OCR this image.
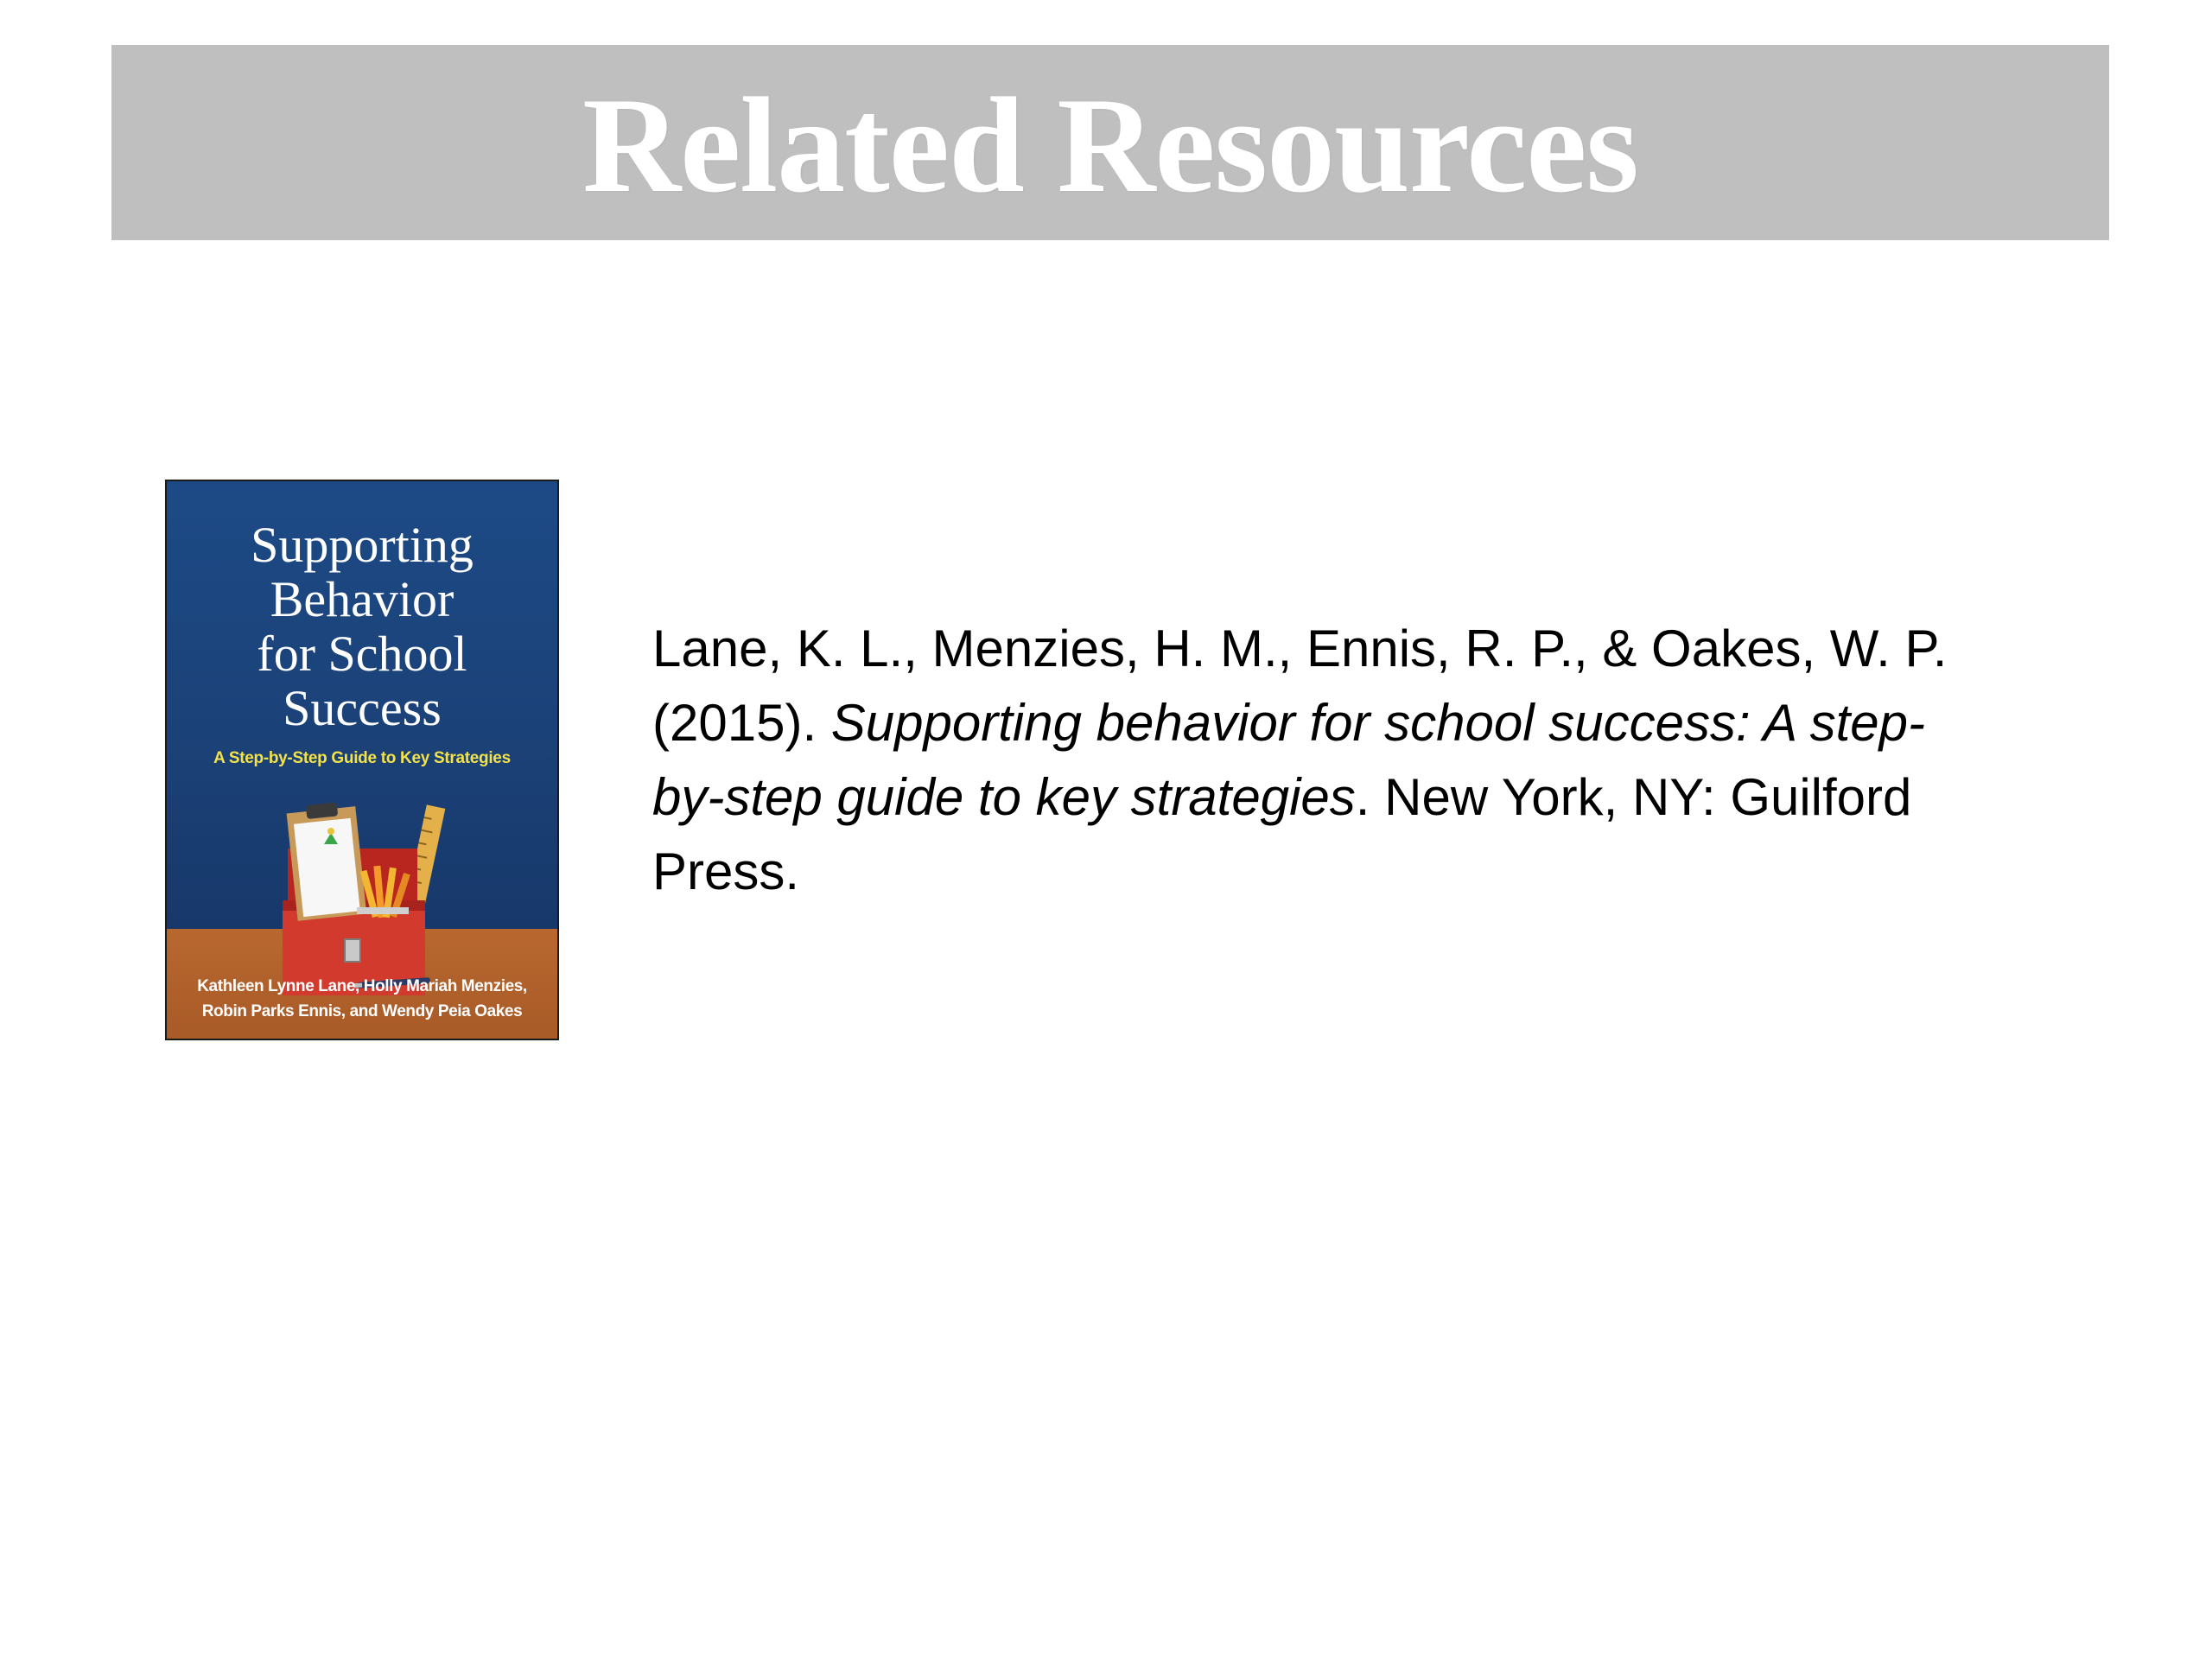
Related Resources
Supporting
Behavior
for School
Success
A Step-by-Step Guide to Key Strategies
Kathleen Lynne Lane, Holly Mariah Menzies,
Robin Parks Ennis, and Wendy Peia Oakes
Lane, K. L., Menzies, H. M., Ennis, R. P., & Oakes, W. P.
(2015). Supporting behavior for school success: A step-
by-step guide to key strategies. New York, NY: Guilford
Press.
